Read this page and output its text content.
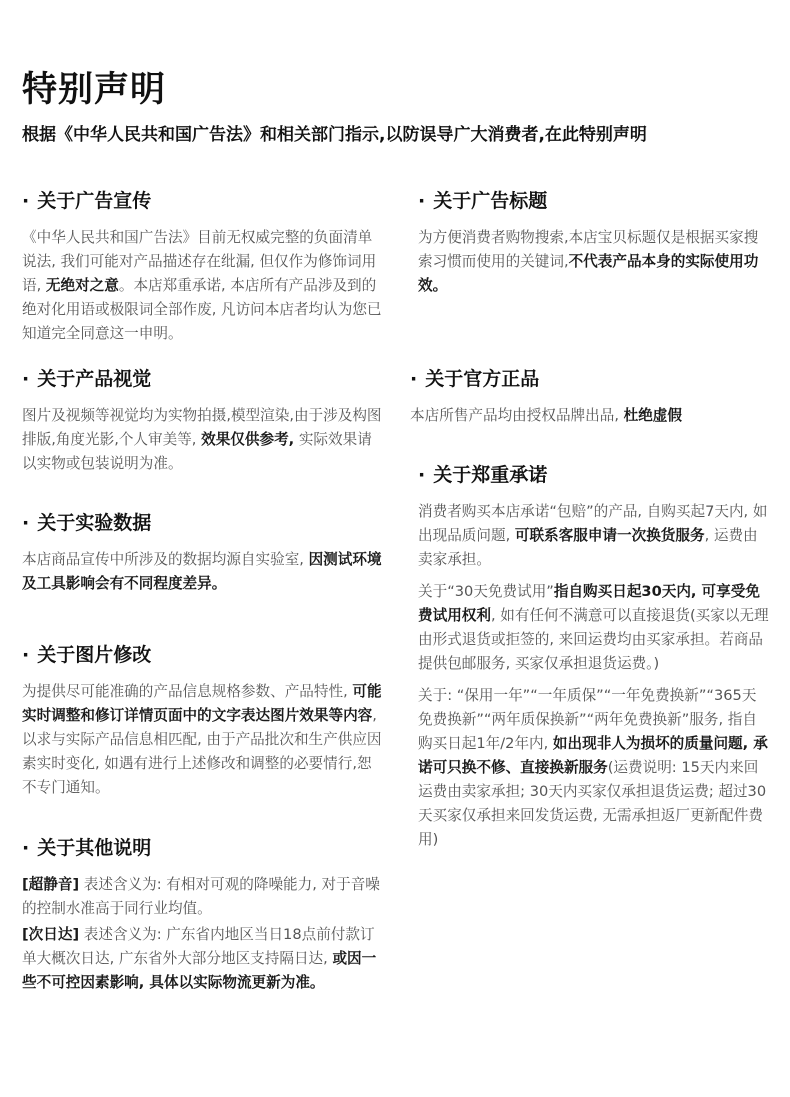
特别声明
根据《中华人民共和国广告法》和相关部门指示,以防误导广大消费者,在此特别声明
· 关于广告宣传

《中华人民共和国广告法》目前无权威完整的负面清单说法, 我们可能对产品描述存在纰漏, 但仅作为修饰词用语, 无绝对之意。本店郑重承诺, 本店所有产品涉及到的绝对化用语或极限词全部作废, 凡访问本店者均认为您已知道完全同意这一申明。

· 关于产品视觉

图片及视频等视觉均为实物拍摄,模型渲染,由于涉及构图排版,角度光影,个人审美等, 效果仅供参考, 实际效果请以实物或包装说明为准。

· 关于实验数据

本店商品宣传中所涉及的数据均源自实验室, 因测试环境及工具影响会有不同程度差异。

· 关于图片修改

为提供尽可能准确的产品信息规格参数、产品特性, 可能实时调整和修订详情页面中的文字表达图片效果等内容, 以求与实际产品信息相匹配, 由于产品批次和生产供应因素实时变化, 如遇有进行上述修改和调整的必要情行,恕不专门通知。

· 关于其他说明

[超静音] 表述含义为: 有相对可观的降噪能力, 对于音噪的控制水准高于同行业均值。

[次日达] 表述含义为: 广东省内地区当日18点前付款订单大概次日达, 广东省外大部分地区支持隔日达, 或因一些不可控因素影响, 具体以实际物流更新为准。

· 关于广告标题

为方便消费者购物搜索,本店宝贝标题仅是根据买家搜索习惯而使用的关键词,不代表产品本身的实际使用功效。

· 关于官方正品

本店所售产品均由授权品牌出品, 杜绝虚假

· 关于郑重承诺

消费者购买本店承诺“包赔”的产品, 自购买起7天内, 如出现品质问题, 可联系客服申请一次换货服务, 运费由卖家承担。

关于“30天免费试用”指自购买日起30天内, 可享受免费试用权利, 如有任何不满意可以直接退货(买家以无理由形式退货或拒签的, 来回运费均由买家承担。若商品提供包邮服务, 买家仅承担退货运费。)

关于: “保用一年”“一年质保”“一年免费换新”“365天免费换新”“两年质保换新”“两年免费换新”服务, 指自购买日起1年/2年内, 如出现非人为损坏的质量问题, 承诺可只换不修、直接换新服务(运费说明: 15天内来回运费由卖家承担; 30天内买家仅承担退货运费; 超过30天买家仅承担来回发货运费, 无需承担返厂更新配件费用)
